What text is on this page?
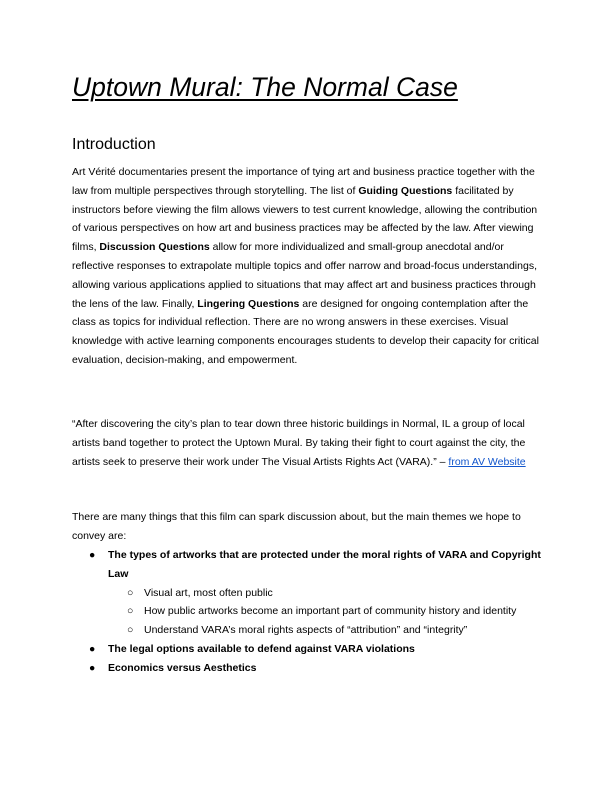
Uptown Mural: The Normal Case
Introduction

Art Vérité documentaries present the importance of tying art and business practice together with the law from multiple perspectives through storytelling. The list of Guiding Questions facilitated by instructors before viewing the film allows viewers to test current knowledge, allowing the contribution of various perspectives on how art and business practices may be affected by the law. After viewing films, Discussion Questions allow for more individualized and small-group anecdotal and/or reflective responses to extrapolate multiple topics and offer narrow and broad-focus understandings, allowing various applications applied to situations that may affect art and business practices through the lens of the law. Finally, Lingering Questions are designed for ongoing contemplation after the class as topics for individual reflection. There are no wrong answers in these exercises. Visual knowledge with active learning components encourages students to develop their capacity for critical evaluation, decision-making, and empowerment.

“After discovering the city’s plan to tear down three historic buildings in Normal, IL a group of local artists band together to protect the Uptown Mural. By taking their fight to court against the city, the artists seek to preserve their work under The Visual Artists Rights Act (VARA).” – from AV Website

There are many things that this film can spark discussion about, but the main themes we hope to convey are:

● The types of artworks that are protected under the moral rights of VARA and Copyright Law
○ Visual art, most often public
○ How public artworks become an important part of community history and identity
○ Understand VARA’s moral rights aspects of “attribution” and “integrity”
● The legal options available to defend against VARA violations
● Economics versus Aesthetics
